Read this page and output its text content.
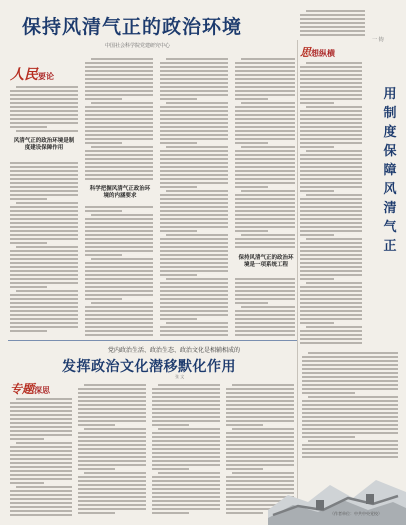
保持风清气正的政治环境
中国社会科学院党建研究中心
人民要论
风清气正的政治环境是制度建设保障作用
科学把握风清气正政治环境的内涵要求
保持风清气正的政治环境是一项系统工程
思想纵横
一 钧
用制度保障风清气正
党内政治生活、政治生态、政治文化是相辅相成的
发挥政治文化潜移默化作用
张 文
专题深思
（作者单位：中共中央党校）
